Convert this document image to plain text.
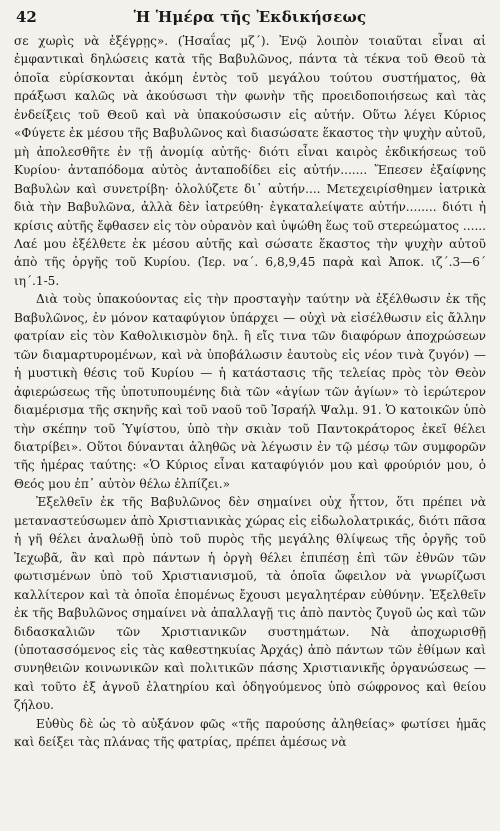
42	Ἡ Ἡμέρα τῆς Ἐκδικήσεως

σε χωρὶς νὰ ἐξέγρῃς». (Ἡσαΐας μζ΄). Ἐνῷ λοιπὸν τοιαῦται εἶναι αἱ ἐμφαντικαὶ δηλώσεις κατὰ τῆς Βαβυλῶνος, πάντα τὰ τέκνα τοῦ Θεοῦ τὰ ὁποῖα εὑρίσκονται ἀκόμη ἐντὸς τοῦ μεγάλου τούτου συστήματος, θὰ πράξωσι καλῶς νὰ ἀκούσωσι τὴν φωνὴν τῆς προειδοποιήσεως καὶ τὰς ἐνδείξεις τοῦ Θεοῦ καὶ νὰ ὑπακούσωσιν εἰς αὐτήν. Οὕτω λέγει Κύριος «Φύγετε ἐκ μέσου τῆς Βαβυλῶνος καὶ διασώσατε ἕκαστος τὴν ψυχὴν αὐτοῦ, μὴ ἀπολεσθῆτε ἐν τῇ ἀνομίᾳ αὐτῆς· διότι εἶναι καιρὸς ἐκδικήσεως τοῦ Κυρίου· ἀνταπόδομα αὐτὸς ἀνταποδίδει εἰς αὐτήν....... Ἔπεσεν ἐξαίφνης Βαβυλὼν καὶ συνετρίβη· ὀλολύζετε δι᾽ αὐτήν.... Μετεχειρίσθημεν ἰατρικὰ διὰ τὴν Βαβυλῶνα, ἀλλὰ δὲν ἰατρεύθη· ἐγκαταλείψατε αὐτήν........ διότι ἡ κρίσις αὐτῆς ἔφθασεν εἰς τὸν οὐρανὸν καὶ ὑψώθη ἕως τοῦ στερεώματος ...... Λαέ μου ἐξέλθετε ἐκ μέσου αὐτῆς καὶ σώσατε ἕκαστος τὴν ψυχὴν αὐτοῦ ἀπὸ τῆς ὀργῆς τοῦ Κυρίου. (Ἱερ. να΄. 6,8,9,45 παρὰ καὶ Ἀποκ. ιζ΄.3—6΄ ιη΄.1-5.

Διὰ τοὺς ὑπακούοντας εἰς τὴν προσταγὴν ταύτην νὰ ἐξέλθωσιν ἐκ τῆς Βαβυλῶνος, ἐν μόνον καταφύγιον ὑπάρχει — οὐχὶ νὰ εἰσέλθωσιν εἰς ἄλλην φατρίαν εἰς τὸν Καθολικισμὸν δηλ. ἢ εἴς τινα τῶν διαφόρων ἀποχρώσεων τῶν διαμαρτυρομένων, καὶ νὰ ὑποβάλωσιν ἑαυτοὺς εἰς νέον τινὰ ζυγόν) — ἡ μυστικὴ θέσις τοῦ Κυρίου — ἡ κατάστασις τῆς τελείας πρὸς τὸν Θεὸν ἀφιερώσεως τῆς ὑποτυπουμένης διὰ τῶν «ἁγίων τῶν ἁγίων» τὸ ἱερώτερον διαμέρισμα τῆς σκηνῆς καὶ τοῦ ναοῦ τοῦ Ἰσραήλ Ψαλμ. 91. Ὁ κατοικῶν ὑπὸ τὴν σκέπην τοῦ Ὑψίστου, ὑπὸ τὴν σκιὰν τοῦ Παντοκράτορος ἐκεῖ θέλει διατρίβει». Οὕτοι δύνανται ἀληθῶς νὰ λέγωσιν ἐν τῷ μέσῳ τῶν συμφορῶν τῆς ἡμέρας ταύτης: «Ὁ Κύριος εἶναι καταφύγιόν μου καὶ φρούριόν μου, ὁ Θεός μου ἐπ᾽ αὐτὸν θέλω ἐλπίζει.»

Ἐξελθεῖν ἐκ τῆς Βαβυλῶνος δὲν σημαίνει οὐχ ἧττον, ὅτι πρέπει νὰ μεταναστεύσωμεν ἀπὸ Χριστιανικὰς χώρας εἰς εἰδωλολατρικάς, διότι πᾶσα ἡ γῆ θέλει ἀναλωθῇ ὑπὸ τοῦ πυρὸς τῆς μεγάλης θλίψεως τῆς ὀργῆς τοῦ Ἰεχωβᾶ, ἂν καὶ πρὸ πάντων ἡ ὀργὴ θέλει ἐπιπέσῃ ἐπὶ τῶν ἐθνῶν τῶν φωτισμένων ὑπὸ τοῦ Χριστιανισμοῦ, τὰ ὁποῖα ὤφειλον νὰ γνωρίζωσι καλλίτερον καὶ τὰ ὁποῖα ἑπομένως ἔχουσι μεγαλητέραν εὐθύνην. Ἐξελθεῖν ἐκ τῆς Βαβυλῶνος σημαίνει νὰ ἀπαλλαγῇ τις ἀπὸ παντὸς ζυγοῦ ὡς καὶ τῶν διδασκαλιῶν τῶν Χριστιανικῶν συστημάτων. Νὰ ἀποχωρισθῇ (ὑποτασσόμενος εἰς τὰς καθεστηκυίας Ἀρχάς) ἀπὸ πάντων τῶν ἐθίμων καὶ συνηθειῶν κοινωνικῶν καὶ πολιτικῶν πάσης Χριστιανικῆς ὀργανώσεως — καὶ τοῦτο ἐξ ἁγνοῦ ἐλατηρίου καὶ ὁδηγούμενος ὑπὸ σώφρονος καὶ θείου ζήλου.

Εὐθὺς δὲ ὡς τὸ αὐξάνον φῶς «τῆς παρούσης ἀληθείας» φωτίσει ἡμᾶς καὶ δείξει τὰς πλάνας τῆς φατρίας, πρέπει ἀμέσως νὰ
